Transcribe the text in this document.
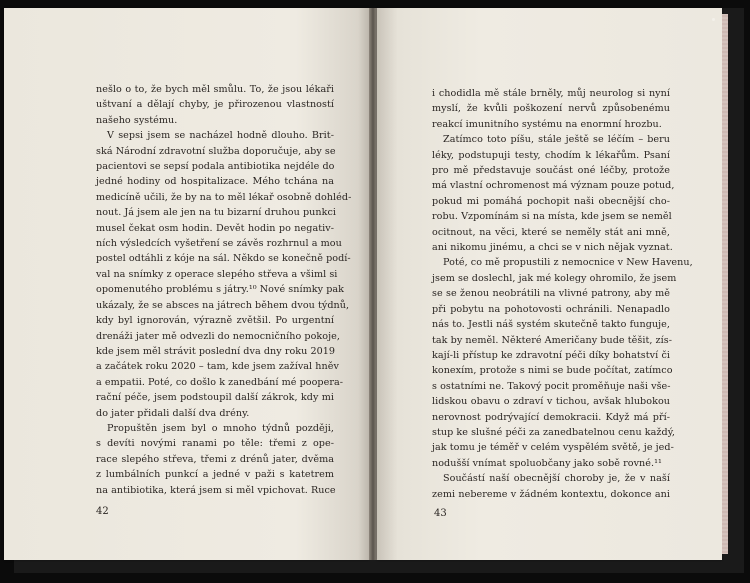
nešlo o to, že bych měl smůlu. To, že jsou lékaři
uštvaní a dělají chyby, je přirozenou vlastností
našeho systému.
V sepsi jsem se nacházel hodně dlouho. Brit-
ská Národní zdravotní služba doporučuje, aby se
pacientovi se sepsí podala antibiotika nejdéle do
jedné hodiny od hospitalizace. Mého tchána na
medicíně učili, že by na to měl lékař osobně dohléd-
nout. Já jsem ale jen na tu bizarní druhou punkci
musel čekat osm hodin. Devět hodin po negativ-
ních výsledcích vyšetření se závěs rozhrnul a mou
postel odtáhli z kóje na sál. Někdo se konečně podí-
val na snímky z operace slepého střeva a všiml si
opomenutého problému s játry.¹⁰ Nové snímky pak
ukázaly, že se absces na játrech během dvou týdnů,
kdy byl ignorován, výrazně zvětšil. Po urgentní
drenáži jater mě odvezli do nemocničního pokoje,
kde jsem měl strávit poslední dva dny roku 2019
a začátek roku 2020 – tam, kde jsem zažíval hněv
a empatii. Poté, co došlo k zanedbání mé poopera-
rační péče, jsem podstoupil další zákrok, kdy mi
do jater přidali další dva drény.
Propuštěn jsem byl o mnoho týdnů později,
s devíti novými ranami po těle: třemi z ope-
race slepého střeva, třemi z drénů jater, dvěma
z lumbálních punkcí a jedné v paži s katetrem
na antibiotika, která jsem si měl vpichovat. Ruce
42
i chodidla mě stále brněly, můj neurolog si nyní
myslí, že kvůli poškození nervů způsobenému
reakcí imunitního systému na enormní hrozbu.
Zatímco toto píšu, stále ještě se léčím – beru
léky, podstupuji testy, chodím k lékařům. Psaní
pro mě představuje součást oné léčby, protože
má vlastní ochromenost má význam pouze potud,
pokud mi pomáhá pochopit naši obecnější cho-
robu. Vzpomínám si na místa, kde jsem se neměl
ocitnout, na věci, které se neměly stát ani mně,
ani nikomu jinému, a chci se v nich nějak vyznat.
Poté, co mě propustili z nemocnice v New Havenu,
jsem se doslechl, jak mé kolegy ohromilo, že jsem
se se ženou neobrátili na vlivné patrony, aby mě
při pobytu na pohotovosti ochránili. Nenapadlo
nás to. Jestli náš systém skutečně takto funguje,
tak by neměl. Některé Američany bude těšit, zís-
kají-li přístup ke zdravotní péči díky bohatství či
konexím, protože s nimi se bude počítat, zatímco
s ostatními ne. Takový pocit proměňuje naši vše-
lidskou obavu o zdraví v tichou, avšak hlubokou
nerovnost podrývající demokracii. Když má pří-
stup ke slušné péči za zanedbatelnou cenu každý,
jak tomu je téměř v celém vyspělém světě, je jed-
nodušší vnímat spoluobčany jako sobě rovné.¹¹
Součástí naší obecnější choroby je, že v naší
zemi nebereme v žádném kontextu, dokonce ani
43
